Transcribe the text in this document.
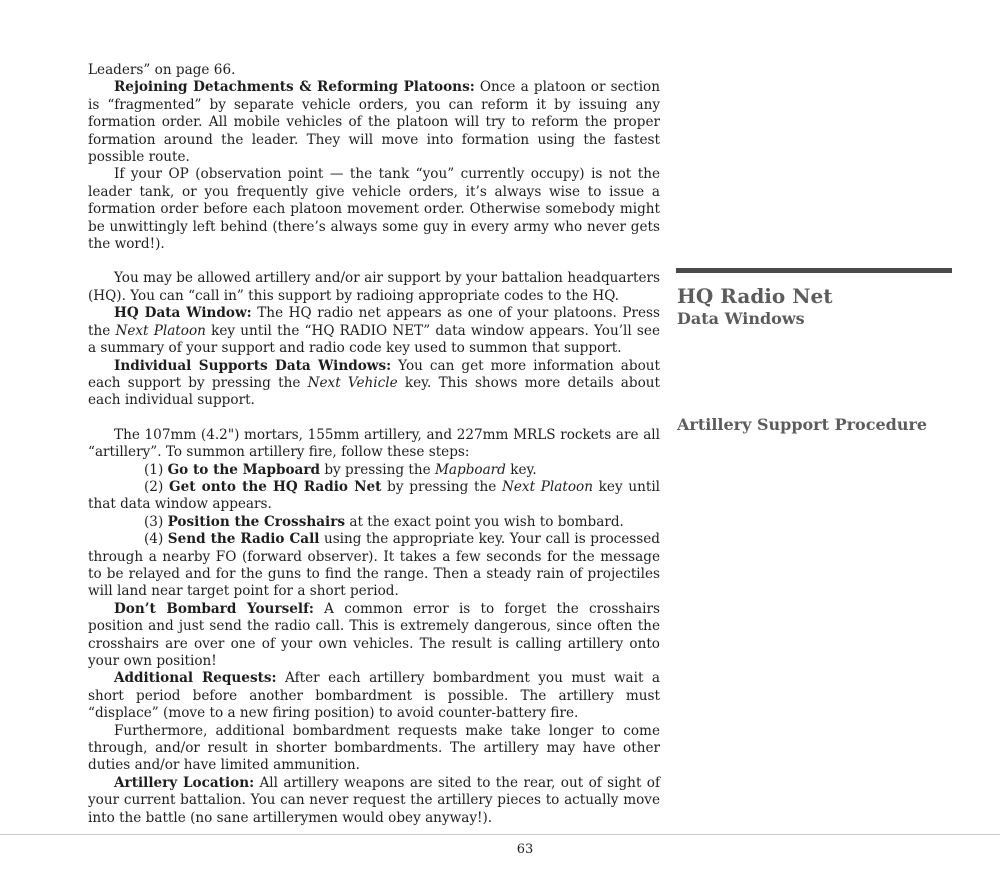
Leaders” on page 66.

Rejoining Detachments & Reforming Platoons: Once a platoon or section is “fragmented” by separate vehicle orders, you can reform it by issuing any formation order. All mobile vehicles of the platoon will try to reform the proper formation around the leader. They will move into formation using the fastest possible route.

If your OP (observation point — the tank “you” currently occupy) is not the leader tank, or you frequently give vehicle orders, it’s always wise to issue a formation order before each platoon movement order. Otherwise somebody might be unwittingly left behind (there’s always some guy in every army who never gets the word!).

You may be allowed artillery and/or air support by your battalion headquarters (HQ). You can “call in” this support by radioing appropriate codes to the HQ.

HQ Data Window: The HQ radio net appears as one of your platoons. Press the Next Platoon key until the “HQ RADIO NET” data window appears. You’ll see a summary of your support and radio code key used to summon that support.

Individual Supports Data Windows: You can get more information about each support by pressing the Next Vehicle key. This shows more details about each individual support.

The 107mm (4.2") mortars, 155mm artillery, and 227mm MRLS rockets are all “artillery”. To summon artillery fire, follow these steps:

(1) Go to the Mapboard by pressing the Mapboard key.

(2) Get onto the HQ Radio Net by pressing the Next Platoon key until that data window appears.

(3) Position the Crosshairs at the exact point you wish to bombard.

(4) Send the Radio Call using the appropriate key. Your call is processed through a nearby FO (forward observer). It takes a few seconds for the message to be relayed and for the guns to find the range. Then a steady rain of projectiles will land near target point for a short period.

Don’t Bombard Yourself: A common error is to forget the crosshairs position and just send the radio call. This is extremely dangerous, since often the crosshairs are over one of your own vehicles. The result is calling artillery onto your own position!

Additional Requests: After each artillery bombardment you must wait a short period before another bombardment is possible. The artillery must “displace” (move to a new firing position) to avoid counter-battery fire.

Furthermore, additional bombardment requests make take longer to come through, and/or result in shorter bombardments. The artillery may have other duties and/or have limited ammunition.

Artillery Location: All artillery weapons are sited to the rear, out of sight of your current battalion. You can never request the artillery pieces to actually move into the battle (no sane artillerymen would obey anyway!).

HQ Radio Net
Data Windows
Artillery Support Procedure
63
